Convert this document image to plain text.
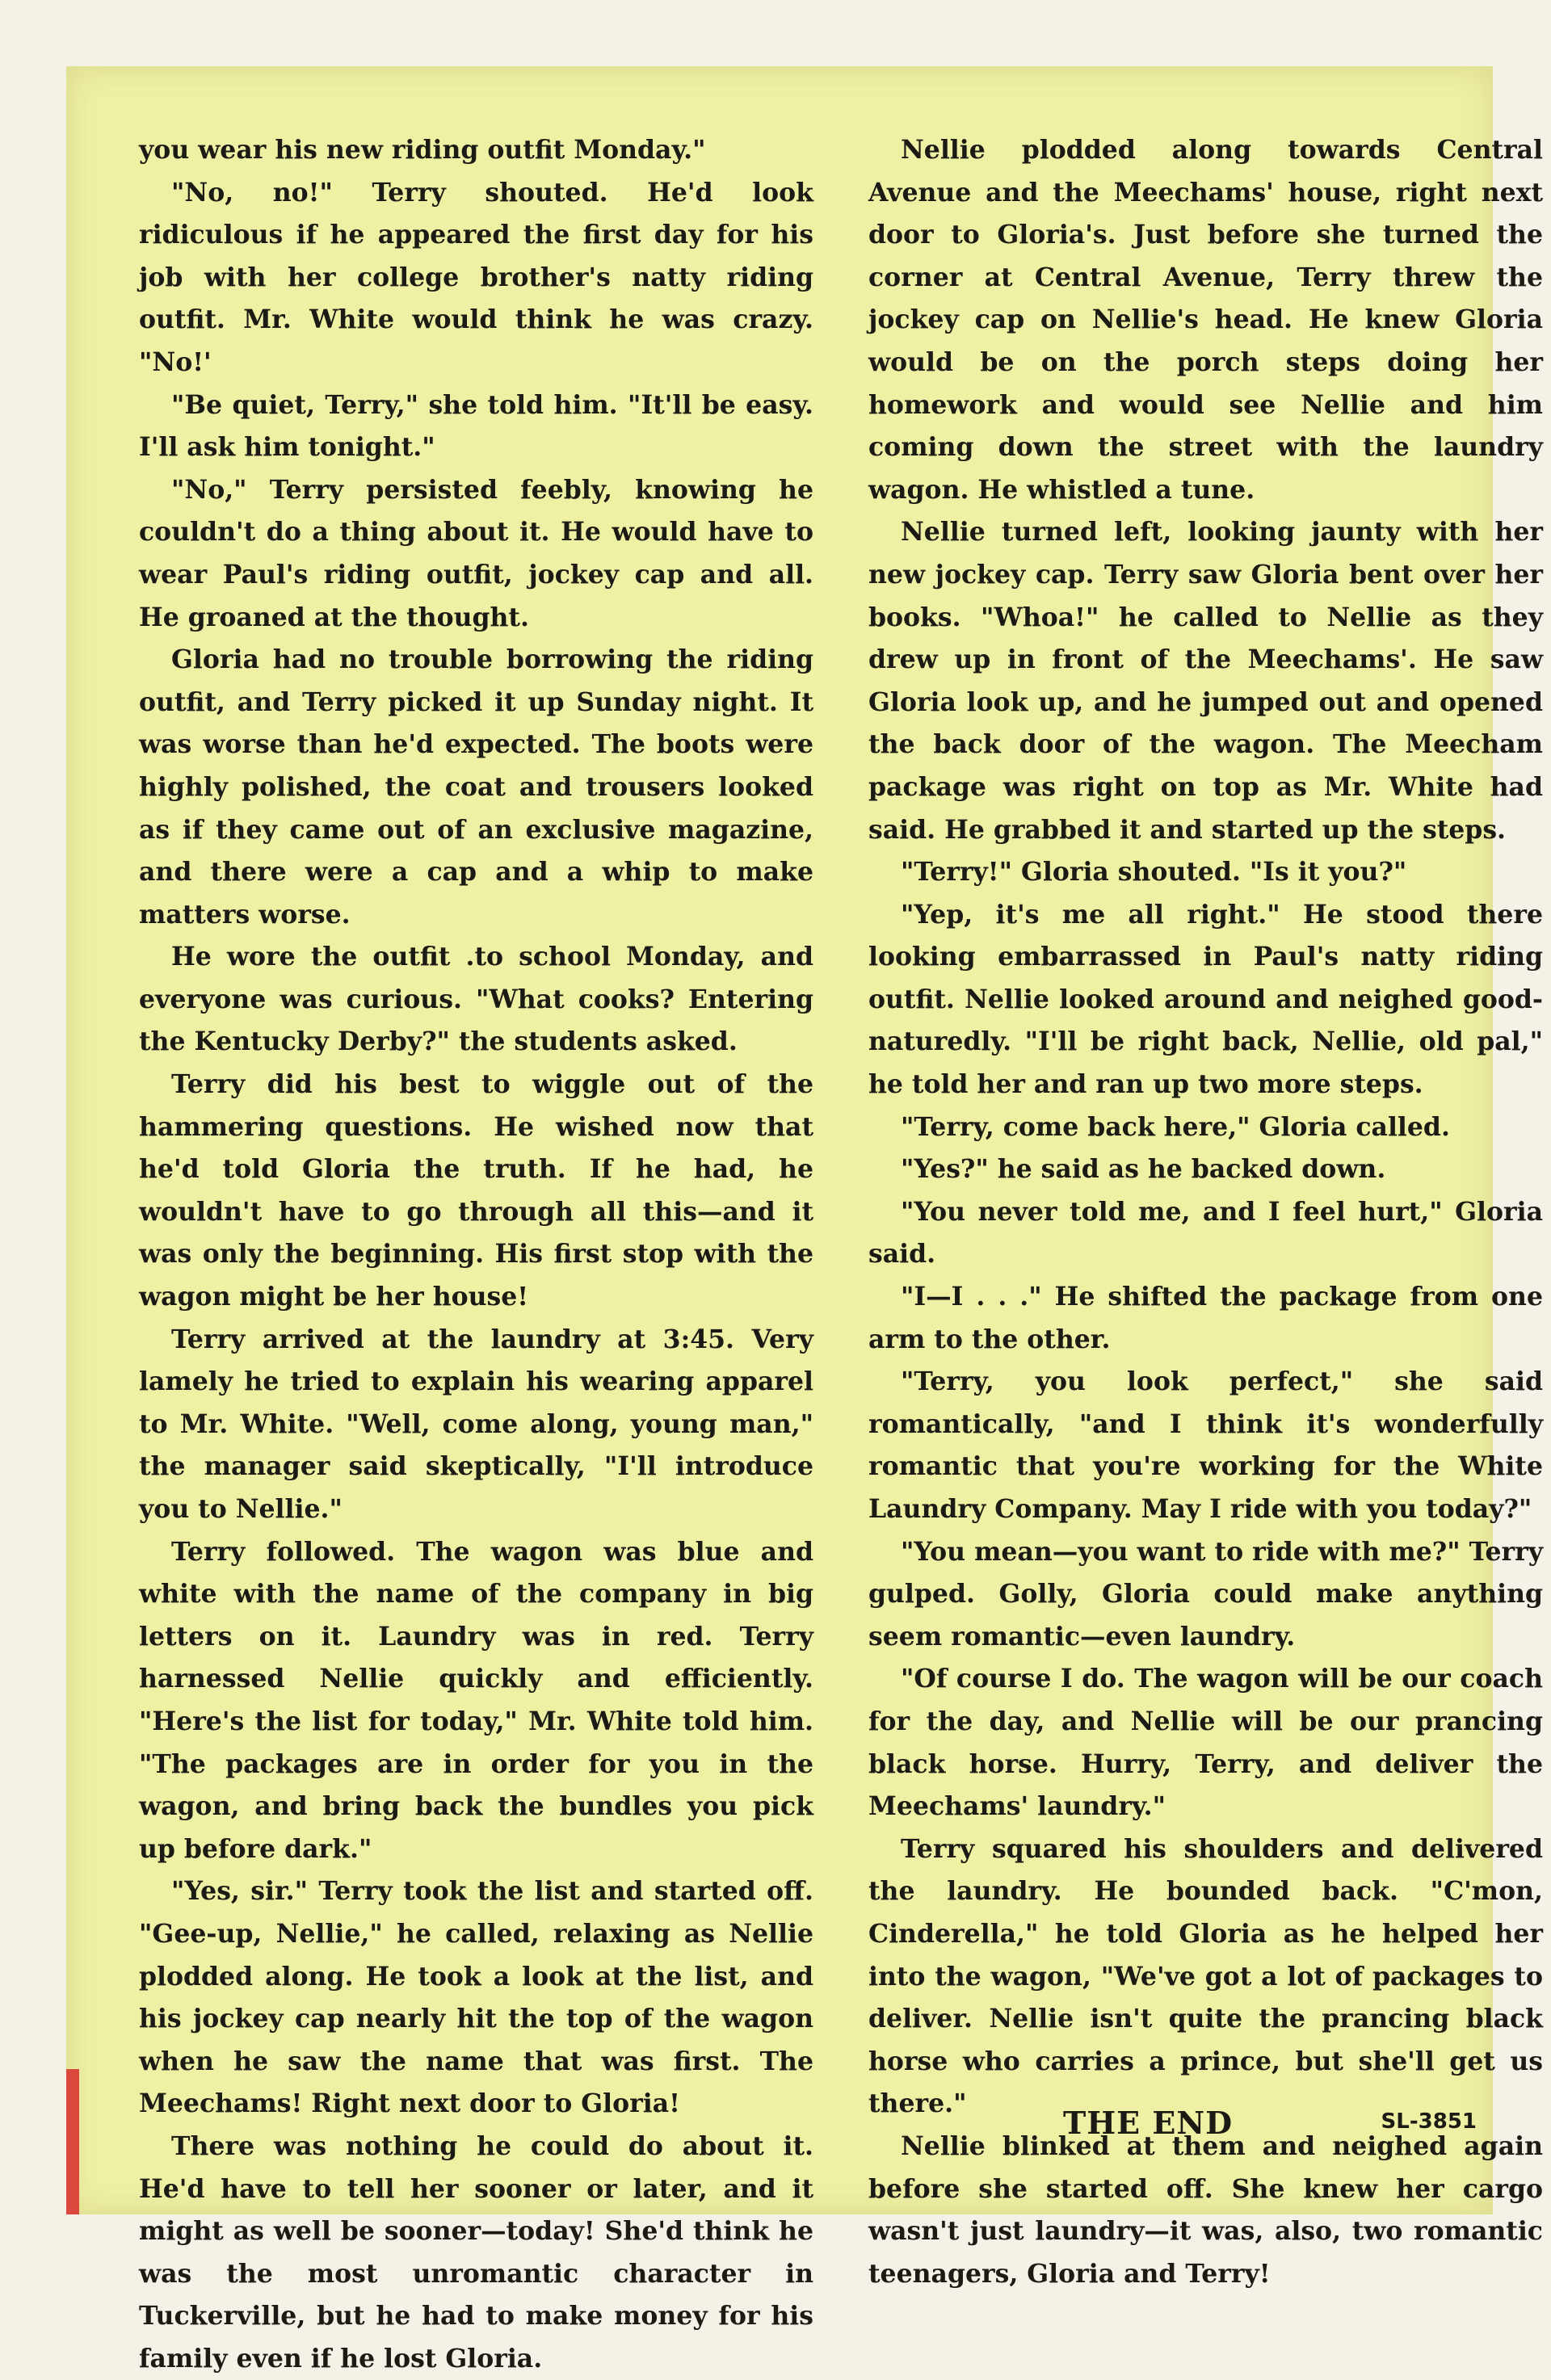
you wear his new riding outfit Monday."

"No, no!" Terry shouted. He'd look ridiculous if he appeared the first day for his job with her college brother's natty riding outfit. Mr. White would think he was crazy. "No!'

"Be quiet, Terry," she told him. "It'll be easy. I'll ask him tonight."

"No," Terry persisted feebly, knowing he couldn't do a thing about it. He would have to wear Paul's riding outfit, jockey cap and all. He groaned at the thought.

Gloria had no trouble borrowing the riding outfit, and Terry picked it up Sunday night. It was worse than he'd expected. The boots were highly polished, the coat and trousers looked as if they came out of an exclusive magazine, and there were a cap and a whip to make matters worse.

He wore the outfit .to school Monday, and everyone was curious. "What cooks? Entering the Kentucky Derby?" the students asked.

Terry did his best to wiggle out of the hammering questions. He wished now that he'd told Gloria the truth. If he had, he wouldn't have to go through all this—and it was only the beginning. His first stop with the wagon might be her house!

Terry arrived at the laundry at 3:45. Very lamely he tried to explain his wearing apparel to Mr. White. "Well, come along, young man," the manager said skeptically, "I'll introduce you to Nellie."

Terry followed. The wagon was blue and white with the name of the company in big letters on it. Laundry was in red. Terry harnessed Nellie quickly and efficiently. "Here's the list for today," Mr. White told him. "The packages are in order for you in the wagon, and bring back the bundles you pick up before dark."

"Yes, sir." Terry took the list and started off. "Gee-up, Nellie," he called, relaxing as Nellie plodded along. He took a look at the list, and his jockey cap nearly hit the top of the wagon when he saw the name that was first. The Meechams! Right next door to Gloria!

There was nothing he could do about it. He'd have to tell her sooner or later, and it might as well be sooner—today! She'd think he was the most unromantic character in Tuckerville, but he had to make money for his family even if he lost Gloria.

Nellie plodded along towards Central Avenue and the Meechams' house, right next door to Gloria's. Just before she turned the corner at Central Avenue, Terry threw the jockey cap on Nellie's head. He knew Gloria would be on the porch steps doing her homework and would see Nellie and him coming down the street with the laundry wagon. He whistled a tune.

Nellie turned left, looking jaunty with her new jockey cap. Terry saw Gloria bent over her books. "Whoa!" he called to Nellie as they drew up in front of the Meechams'. He saw Gloria look up, and he jumped out and opened the back door of the wagon. The Meecham package was right on top as Mr. White had said. He grabbed it and started up the steps.

"Terry!" Gloria shouted. "Is it you?"

"Yep, it's me all right." He stood there looking embarrassed in Paul's natty riding outfit. Nellie looked around and neighed good-naturedly. "I'll be right back, Nellie, old pal," he told her and ran up two more steps.

"Terry, come back here," Gloria called.

"Yes?" he said as he backed down.

"You never told me, and I feel hurt," Gloria said.

"I—I . . ." He shifted the package from one arm to the other.

"Terry, you look perfect," she said romantically, "and I think it's wonderfully romantic that you're working for the White Laundry Company. May I ride with you today?"

"You mean—you want to ride with me?" Terry gulped. Golly, Gloria could make anything seem romantic—even laundry.

"Of course I do. The wagon will be our coach for the day, and Nellie will be our prancing black horse. Hurry, Terry, and deliver the Meechams' laundry."

Terry squared his shoulders and delivered the laundry. He bounded back. "C'mon, Cinderella," he told Gloria as he helped her into the wagon, "We've got a lot of packages to deliver. Nellie isn't quite the prancing black horse who carries a prince, but she'll get us there."

Nellie blinked at them and neighed again before she started off. She knew her cargo wasn't just laundry—it was, also, two romantic teenagers, Gloria and Terry!

THE END	SL-3851
